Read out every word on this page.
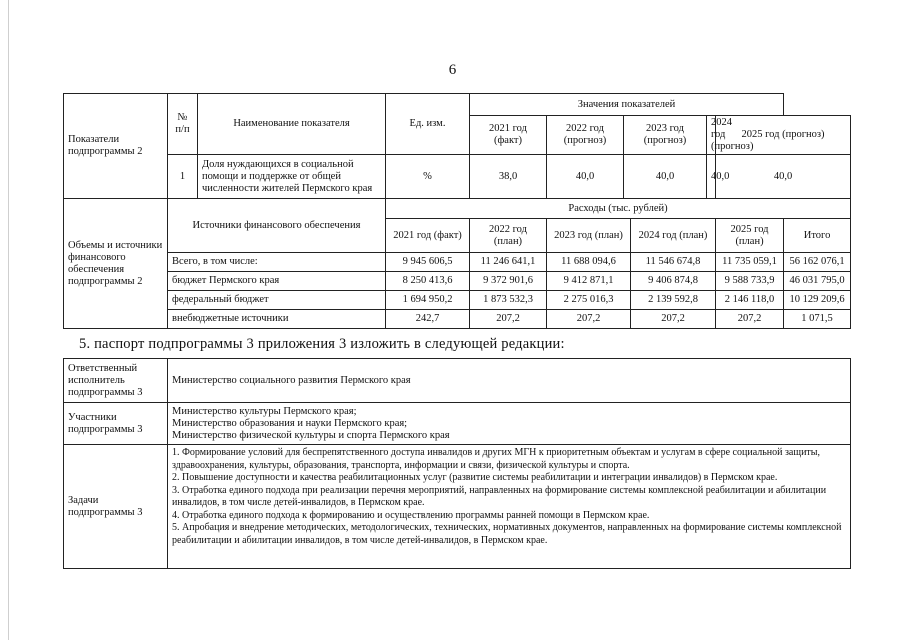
6
Показатели подпрограммы 2	№ п/п	Наименование показателя	Ед. изм.	Значения показателей						
				2021 год (факт)	2022 год (прогноз)	2023 год (прогноз)		2024 год (прогноз)	2025 год (прогноз)	
	1	Доля нуждающихся в социальной помощи и поддержке от общей численности жителей Пермского края	%	38,0	40,0	40,0		40,0	40,0	
Объемы и источники финансового обеспечения подпрограммы 2	Источники финансового обеспечения		Расходы (тыс. рублей)							
			2021 год (факт)	2022 год (план)	2023 год (план)		2024 год (план)		2025 год (план)	Итого
	Всего, в том числе:		9 945 606,5	11 246 641,1	11 688 094,6		11 546 674,8		11 735 059,1	56 162 076,1
	бюджет Пермского края		8 250 413,6	9 372 901,6	9 412 871,1		9 406 874,8		9 588 733,9	46 031 795,0
	федеральный бюджет		1 694 950,2	1 873 532,3	2 275 016,3		2 139 592,8		2 146 118,0	10 129 209,6
	внебюджетные источники		242,7	207,2	207,2		207,2		207,2	1 071,5
5. паспорт подпрограммы 3 приложения 3 изложить в следующей редакции:
Ответственный исполнитель подпрограммы 3	Министерство социального развития Пермского края
Участники подпрограммы 3	Министерство культуры Пермского края;
Министерство образования и науки Пермского края;
Министерство физической культуры и спорта Пермского края

Задачи подпрограммы 3	1. Формирование условий для беспрепятственного доступа инвалидов и других МГН к приоритетным объектам и услугам в сфере социальной защиты, здравоохранения, культуры, образования, транспорта, информации и связи, физической культуры и спорта.
2. Повышение доступности и качества реабилитационных услуг (развитие системы реабилитации и интеграции инвалидов) в Пермском крае.
3. Отработка единого подхода при реализации перечня мероприятий, направленных на формирование системы комплексной реабилитации и абилитации инвалидов, в том числе детей-инвалидов, в Пермском крае.
4. Отработка единого подхода к формированию и осуществлению программы ранней помощи в Пермском крае.
5. Апробация и внедрение методических, методологических, технических, нормативных документов, направленных на формирование системы комплексной реабилитации и абилитации инвалидов, в том числе детей-инвалидов, в Пермском крае.
